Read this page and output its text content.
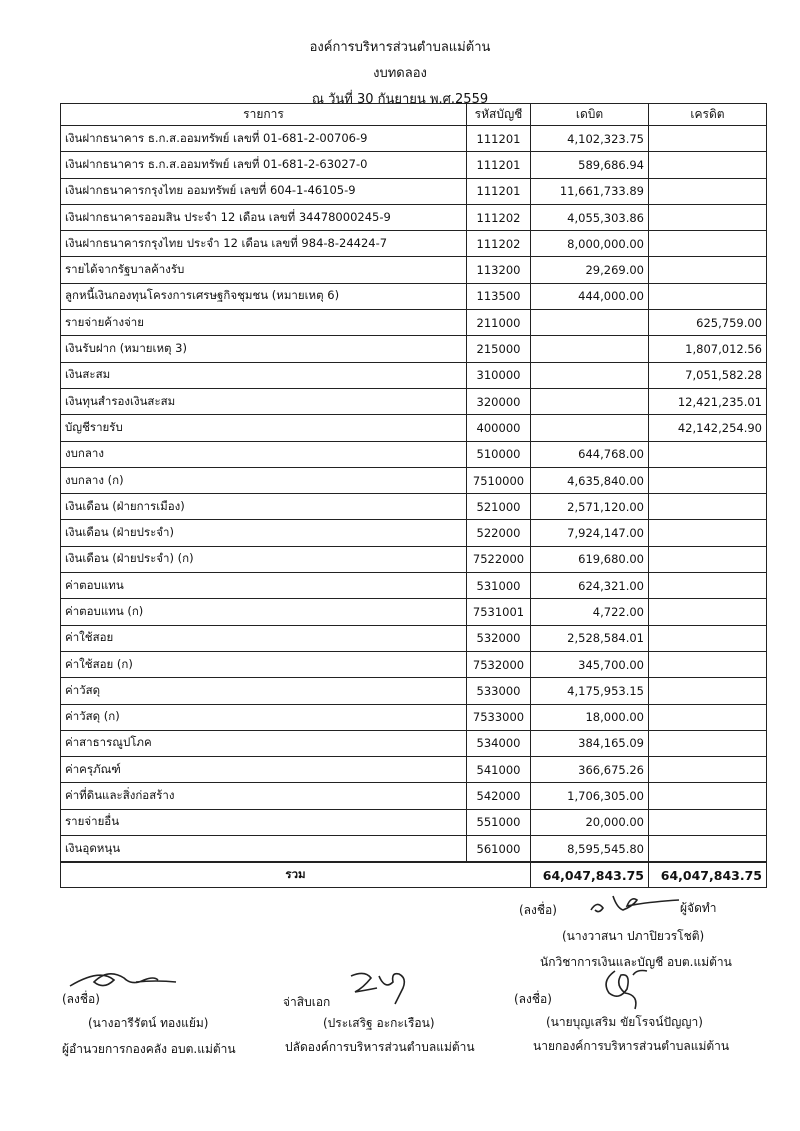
องค์การบริหารส่วนตำบลแม่ต้าน
งบทดลอง
ณ วันที่ 30 กันยายน พ.ศ.2559
รายการ	รหัสบัญชี	เดบิต	เครดิต
เงินฝากธนาคาร ธ.ก.ส.ออมทรัพย์ เลขที่ 01-681-2-00706-9	111201	4,102,323.75	
เงินฝากธนาคาร ธ.ก.ส.ออมทรัพย์ เลขที่ 01-681-2-63027-0	111201	589,686.94	
เงินฝากธนาคารกรุงไทย ออมทรัพย์ เลขที่ 604-1-46105-9	111201	11,661,733.89	
เงินฝากธนาคารออมสิน ประจำ 12 เดือน เลขที่ 34478000245-9	111202	4,055,303.86	
เงินฝากธนาคารกรุงไทย ประจำ 12 เดือน เลขที่ 984-8-24424-7	111202	8,000,000.00	
รายได้จากรัฐบาลค้างรับ	113200	29,269.00	
ลูกหนี้เงินกองทุนโครงการเศรษฐกิจชุมชน (หมายเหตุ 6)	113500	444,000.00	
รายจ่ายค้างจ่าย	211000		625,759.00
เงินรับฝาก (หมายเหตุ 3)	215000		1,807,012.56
เงินสะสม	310000		7,051,582.28
เงินทุนสำรองเงินสะสม	320000		12,421,235.01
บัญชีรายรับ	400000		42,142,254.90
งบกลาง	510000	644,768.00	
งบกลาง (ก)	7510000	4,635,840.00	
เงินเดือน (ฝ่ายการเมือง)	521000	2,571,120.00	
เงินเดือน (ฝ่ายประจำ)	522000	7,924,147.00	
เงินเดือน (ฝ่ายประจำ) (ก)	7522000	619,680.00	
ค่าตอบแทน	531000	624,321.00	
ค่าตอบแทน (ก)	7531001	4,722.00	
ค่าใช้สอย	532000	2,528,584.01	
ค่าใช้สอย (ก)	7532000	345,700.00	
ค่าวัสดุ	533000	4,175,953.15	
ค่าวัสดุ (ก)	7533000	18,000.00	
ค่าสาธารณูปโภค	534000	384,165.09	
ค่าครุภัณฑ์	541000	366,675.26	
ค่าที่ดินและสิ่งก่อสร้าง	542000	1,706,305.00	
รายจ่ายอื่น	551000	20,000.00	
เงินอุดหนุน	561000	8,595,545.80	
รวม		64,047,843.75	64,047,843.75
(ลงชื่อ)	ผู้จัดทำ
(นางวาสนา ปภาปิยวรโชติ)
นักวิชาการเงินและบัญชี อบต.แม่ต้าน
(ลงชื่อ)
(นางอารีรัตน์ ทองแย้ม)
ผู้อำนวยการกองคลัง อบต.แม่ต้าน
จ่าสิบเอก
(ประเสริฐ อะกะเรือน)
ปลัดองค์การบริหารส่วนตำบลแม่ต้าน
(ลงชื่อ)
(นายบุญเสริม ขัยโรจน์ปัญญา)
นายกองค์การบริหารส่วนตำบลแม่ต้าน
